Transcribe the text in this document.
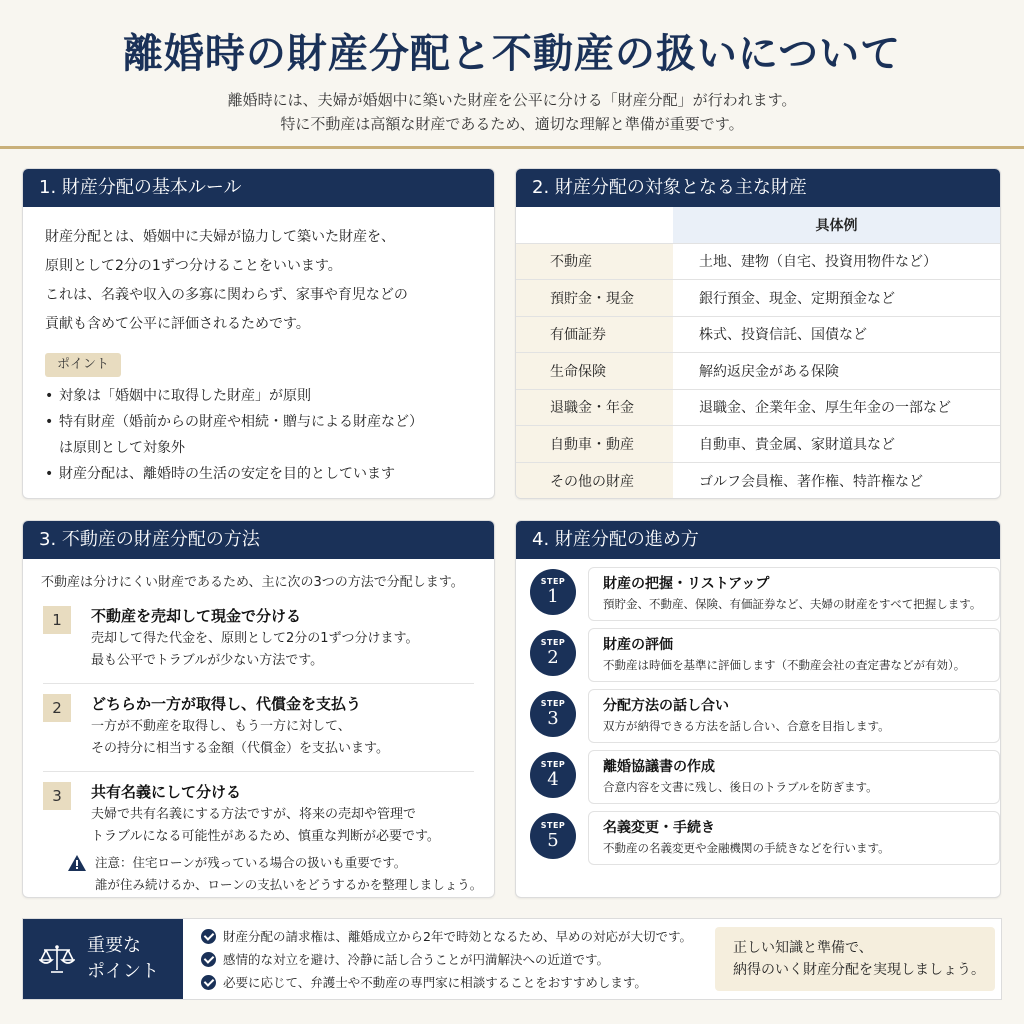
離婚時の財産分配と不動産の扱いについて
離婚時には、夫婦が婚姻中に築いた財産を公平に分ける「財産分配」が行われます。
特に不動産は高額な財産であるため、適切な理解と準備が重要です。
1. 財産分配の基本ルール
財産分配とは、婚姻中に夫婦が協力して築いた財産を、
原則として2分の1ずつ分けることをいいます。
これは、名義や収入の多寡に関わらず、家事や育児などの
貢献も含めて公平に評価されるためです。
ポイント
• 対象は「婚姻中に取得した財産」が原則
• 特有財産（婚前からの財産や相続・贈与による財産など）
は原則として対象外
• 財産分配は、離婚時の生活の安定を目的としています
2. 財産分配の対象となる主な財産
	具体例
不動産	土地、建物（自宅、投資用物件など）
預貯金・現金	銀行預金、現金、定期預金など
有価証券	株式、投資信託、国債など
生命保険	解約返戻金がある保険
退職金・年金	退職金、企業年金、厚生年金の一部など
自動車・動産	自動車、貴金属、家財道具など
その他の財産	ゴルフ会員権、著作権、特許権など
3. 不動産の財産分配の方法
不動産は分けにくい財産であるため、主に次の3つの方法で分配します。
1	不動産を売却して現金で分ける
売却して得た代金を、原則として2分の1ずつ分けます。
最も公平でトラブルが少ない方法です。
2	どちらか一方が取得し、代償金を支払う
一方が不動産を取得し、もう一方に対して、
その持分に相当する金額（代償金）を支払います。
3	共有名義にして分ける
夫婦で共有名義にする方法ですが、将来の売却や管理で
トラブルになる可能性があるため、慎重な判断が必要です。
注意：住宅ローンが残っている場合の扱いも重要です。
誰が住み続けるか、ローンの支払いをどうするかを整理しましょう。
4. 財産分配の進め方
STEP
1
財産の把握・リストアップ
預貯金、不動産、保険、有価証券など、夫婦の財産をすべて把握します。
STEP
2
財産の評価
不動産は時価を基準に評価します（不動産会社の査定書などが有効）。
STEP
3
分配方法の話し合い
双方が納得できる方法を話し合い、合意を目指します。
STEP
4
離婚協議書の作成
合意内容を文書に残し、後日のトラブルを防ぎます。
STEP
5
名義変更・手続き
不動産の名義変更や金融機関の手続きなどを行います。
重要な
ポイント
財産分配の請求権は、離婚成立から2年で時効となるため、早めの対応が大切です。
感情的な対立を避け、冷静に話し合うことが円満解決への近道です。
必要に応じて、弁護士や不動産の専門家に相談することをおすすめします。
正しい知識と準備で、
納得のいく財産分配を実現しましょう。
